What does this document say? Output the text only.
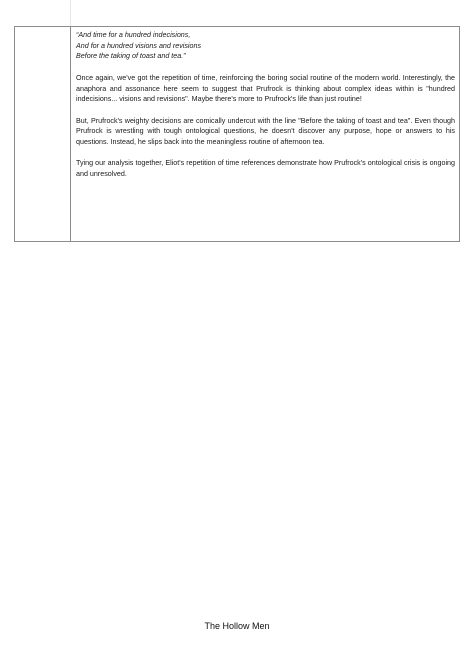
“And time for a hundred indecisions,
And for a hundred visions and revisions
Before the taking of toast and tea.”

Once again, we've got the repetition of time, reinforcing the boring social routine of the modern world. Interestingly, the anaphora and assonance here seem to suggest that Prufrock is thinking about complex ideas within is "hundred indecisions... visions and revisions". Maybe there's more to Prufrock's life than just routine!

But, Prufrock's weighty decisions are comically undercut with the line "Before the taking of toast and tea". Even though Prufrock is wrestling with tough ontological questions, he doesn't discover any purpose, hope or answers to his questions. Instead, he slips back into the meaningless routine of afternoon tea.

Tying our analysis together, Eliot's repetition of time references demonstrate how Prufrock's ontological crisis is ongoing and unresolved.

The Hollow Men
